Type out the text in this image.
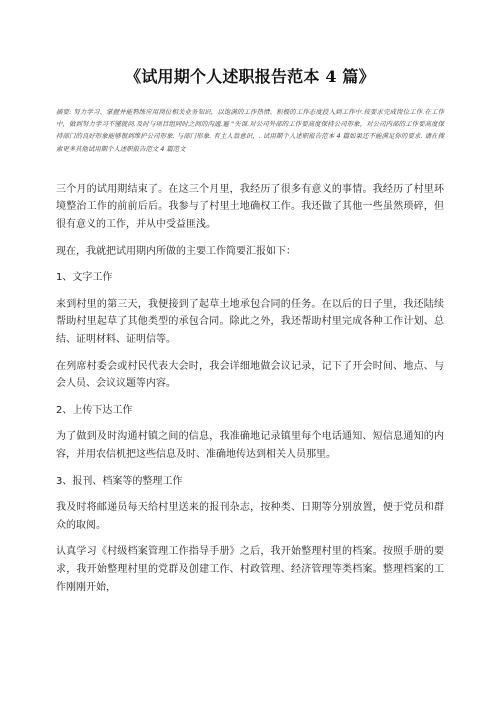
《试用期个人述职报告范本 4 篇》

摘要: 努力学习、掌握并能熟练应用岗位相关业务知识，以饱满的工作热情、积极的工作态度投入到工作中.按要求完成岗位工作.在工作中，做到努力学习不懂就问.及时与项目组同时之间的沟通.避 "失误.对公司外部的工作要高度保持公司形象，对公司内部的工作要高度保持部门的良好形象能够很到维护公司形象. 与部门形象. 有主人翁意识，. 试用期个人述职报告范本 4 篇如果还不能满足你的要求. 请在搜索更多其他试用期个人述职报告范文 4 篇范文

三个月的试用期结束了。在这三个月里，我经历了很多有意义的事情。我经历了村里环境整治工作的前前后后。我参与了村里土地确权工作。我还做了其他一些虽然琐碎，但很有意义的工作，并从中受益匪浅。

现在，我就把试用期内所做的主要工作简要汇报如下：

1、文字工作

来到村里的第三天，我便接到了起草土地承包合同的任务。在以后的日子里，我还陆续帮助村里起草了其他类型的承包合同。除此之外，我还帮助村里完成各种工作计划、总结、证明材料、证明信等。

在列席村委会或村民代表大会时，我会详细地做会议记录，记下了开会时间、地点、与会人员、会议议题等内容。

2、上传下达工作

为了做到及时沟通村镇之间的信息，我准确地记录镇里每个电话通知、短信息通知的内容，并用农信机把这些信息及时、准确地传达到相关人员那里。

3、报刊、档案等的整理工作

我及时将邮递员每天给村里送来的报刊杂志，按种类、日期等分别放置，便于党员和群众的取阅。

认真学习《村级档案管理工作指导手册》之后，我开始整理村里的档案。按照手册的要求，我开始整理村里的党群及创建工作、村政管理、经济管理等类档案。整理档案的工作刚刚开始，
